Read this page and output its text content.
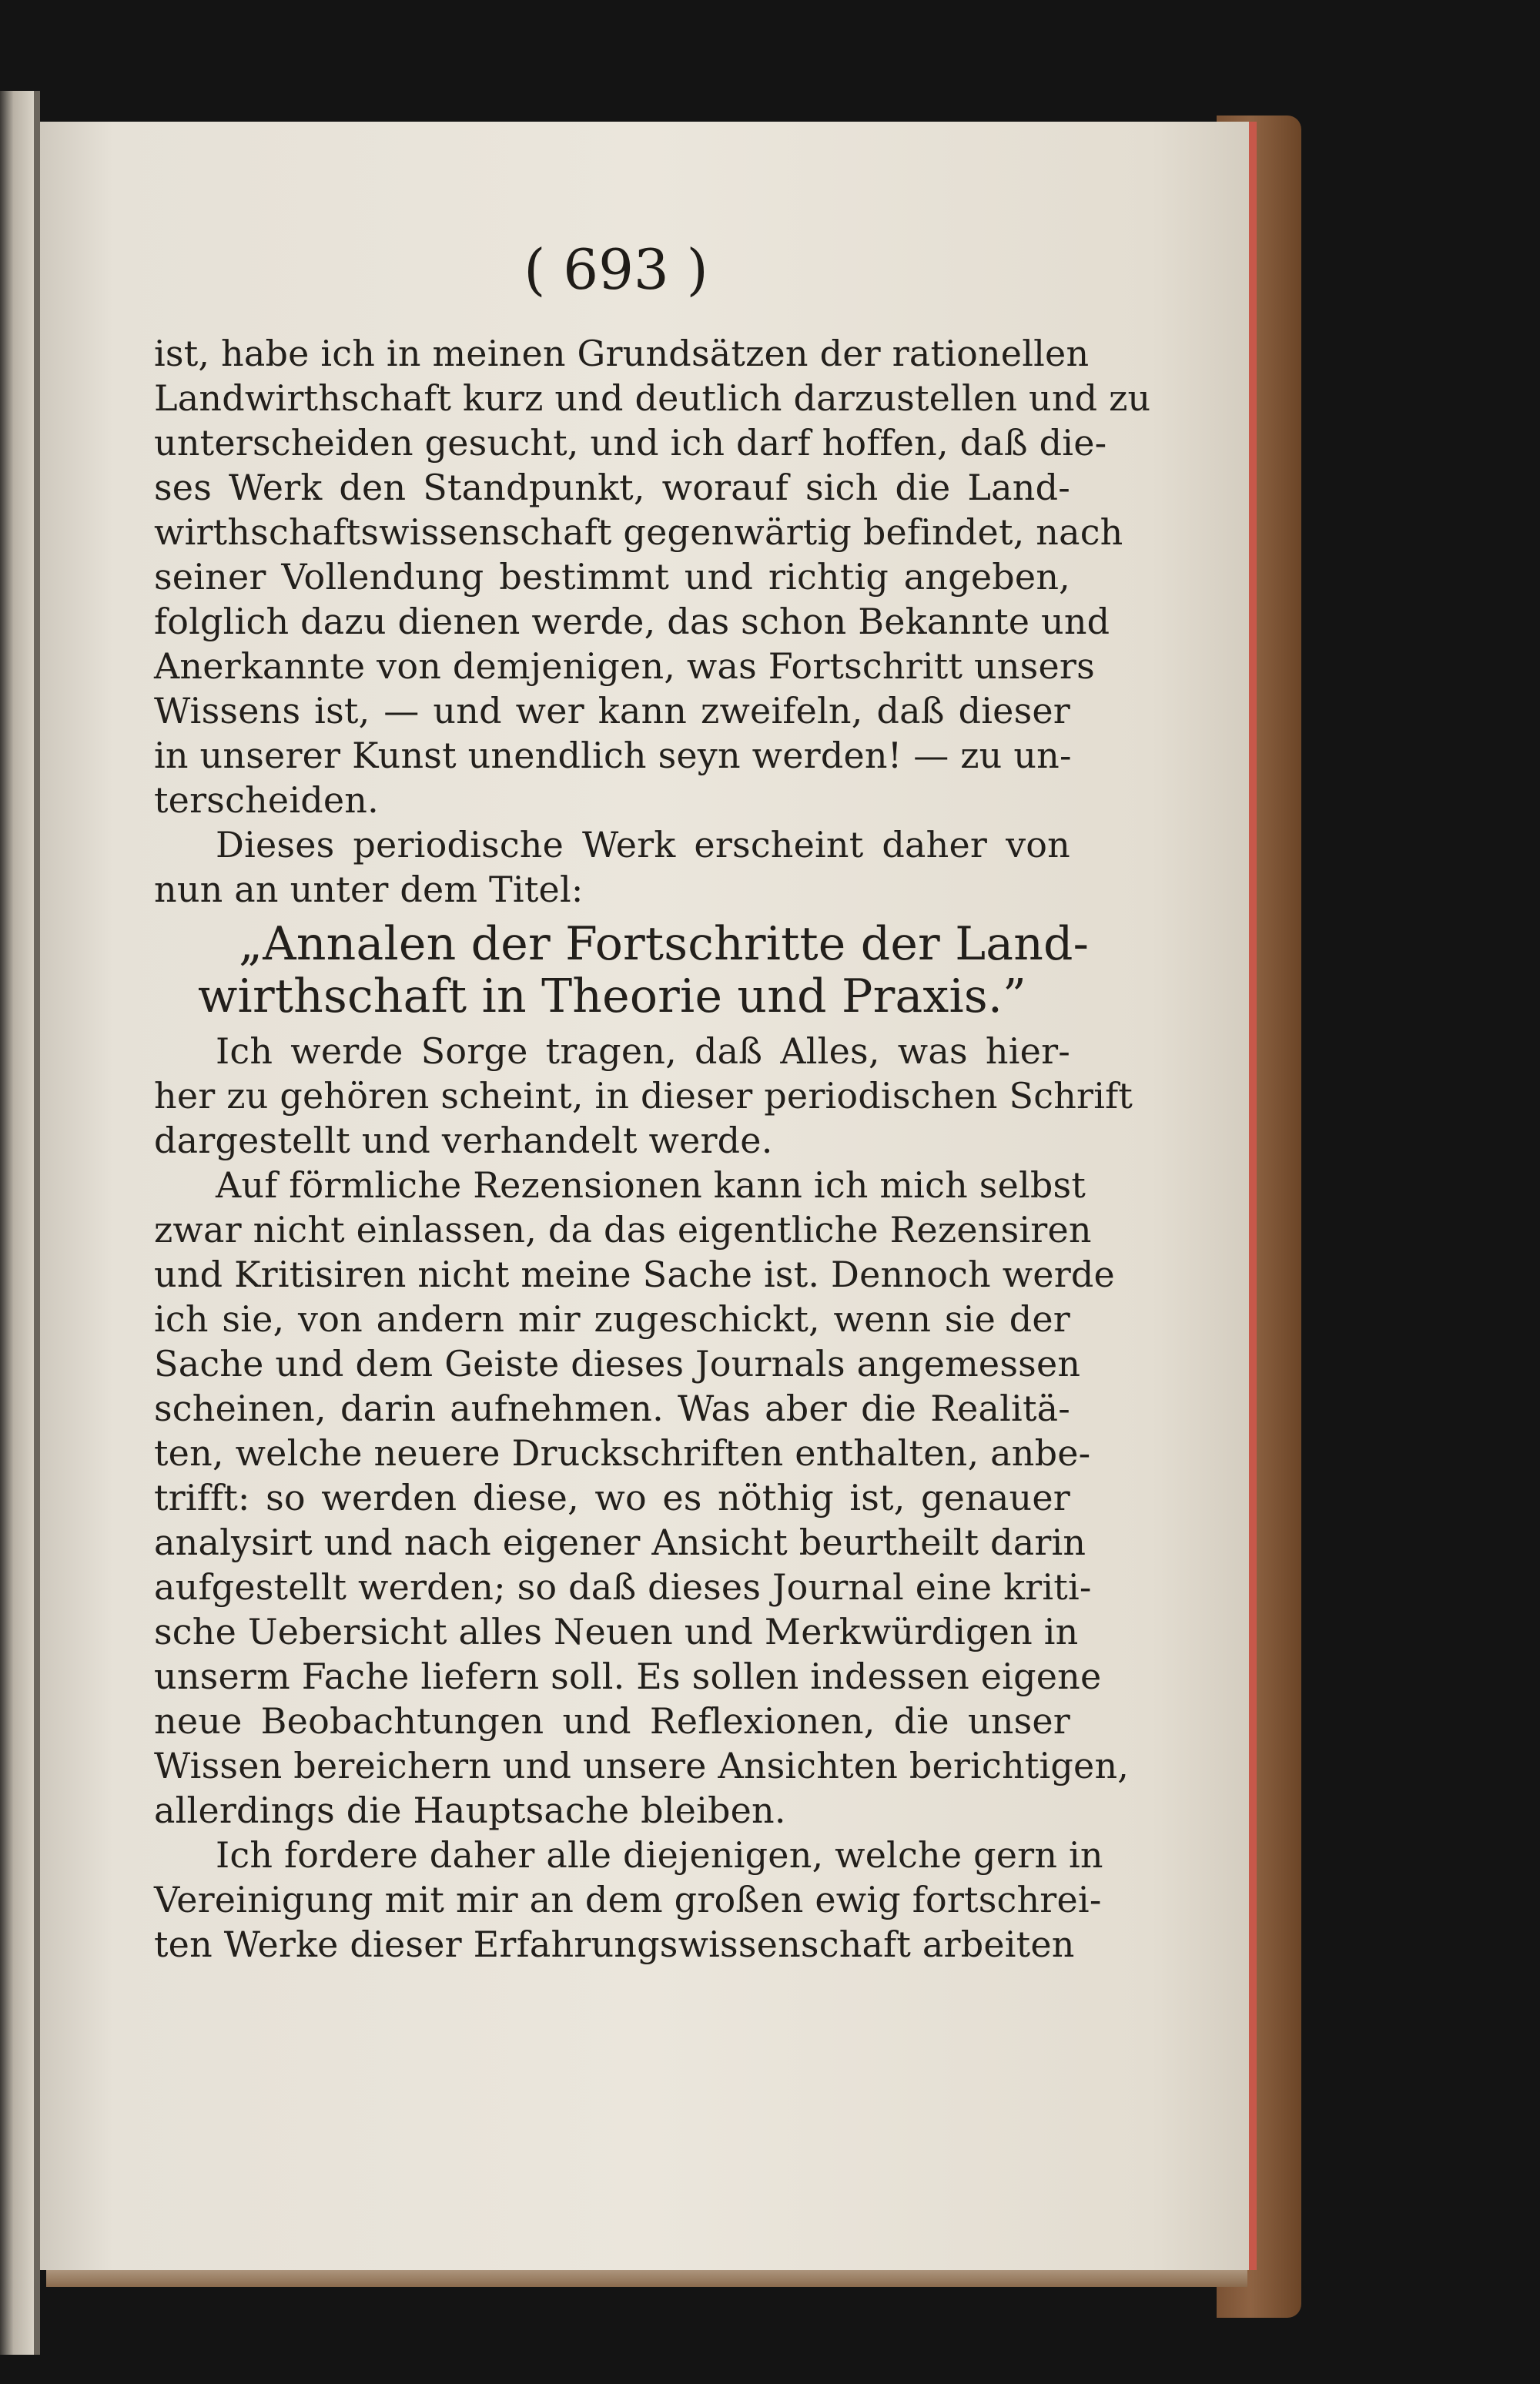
( 693 )
ist, habe ich in meinen Grundsätzen der rationellen
Landwirthschaft kurz und deutlich darzustellen und zu
unterscheiden gesucht, und ich darf hoffen, daß die-
ses Werk den Standpunkt, worauf sich die Land-
wirthschaftswissenschaft gegenwärtig befindet, nach
seiner Vollendung bestimmt und richtig angeben,
folglich dazu dienen werde, das schon Bekannte und
Anerkannte von demjenigen, was Fortschritt unsers
Wissens ist, — und wer kann zweifeln, daß dieser
in unserer Kunst unendlich seyn werden! — zu un-
terscheiden.
Dieses periodische Werk erscheint daher von
nun an unter dem Titel:
„Annalen der Fortschritte der Land-
wirthschaft in Theorie und Praxis.”
Ich werde Sorge tragen, daß Alles, was hier-
her zu gehören scheint, in dieser periodischen Schrift
dargestellt und verhandelt werde.
Auf förmliche Rezensionen kann ich mich selbst
zwar nicht einlassen, da das eigentliche Rezensiren
und Kritisiren nicht meine Sache ist. Dennoch werde
ich sie, von andern mir zugeschickt, wenn sie der
Sache und dem Geiste dieses Journals angemessen
scheinen, darin aufnehmen. Was aber die Realitä-
ten, welche neuere Druckschriften enthalten, anbe-
trifft: so werden diese, wo es nöthig ist, genauer
analysirt und nach eigener Ansicht beurtheilt darin
aufgestellt werden; so daß dieses Journal eine kriti-
sche Uebersicht alles Neuen und Merkwürdigen in
unserm Fache liefern soll. Es sollen indessen eigene
neue Beobachtungen und Reflexionen, die unser
Wissen bereichern und unsere Ansichten berichtigen,
allerdings die Hauptsache bleiben.
Ich fordere daher alle diejenigen, welche gern in
Vereinigung mit mir an dem großen ewig fortschrei-
ten Werke dieser Erfahrungswissenschaft arbeiten
